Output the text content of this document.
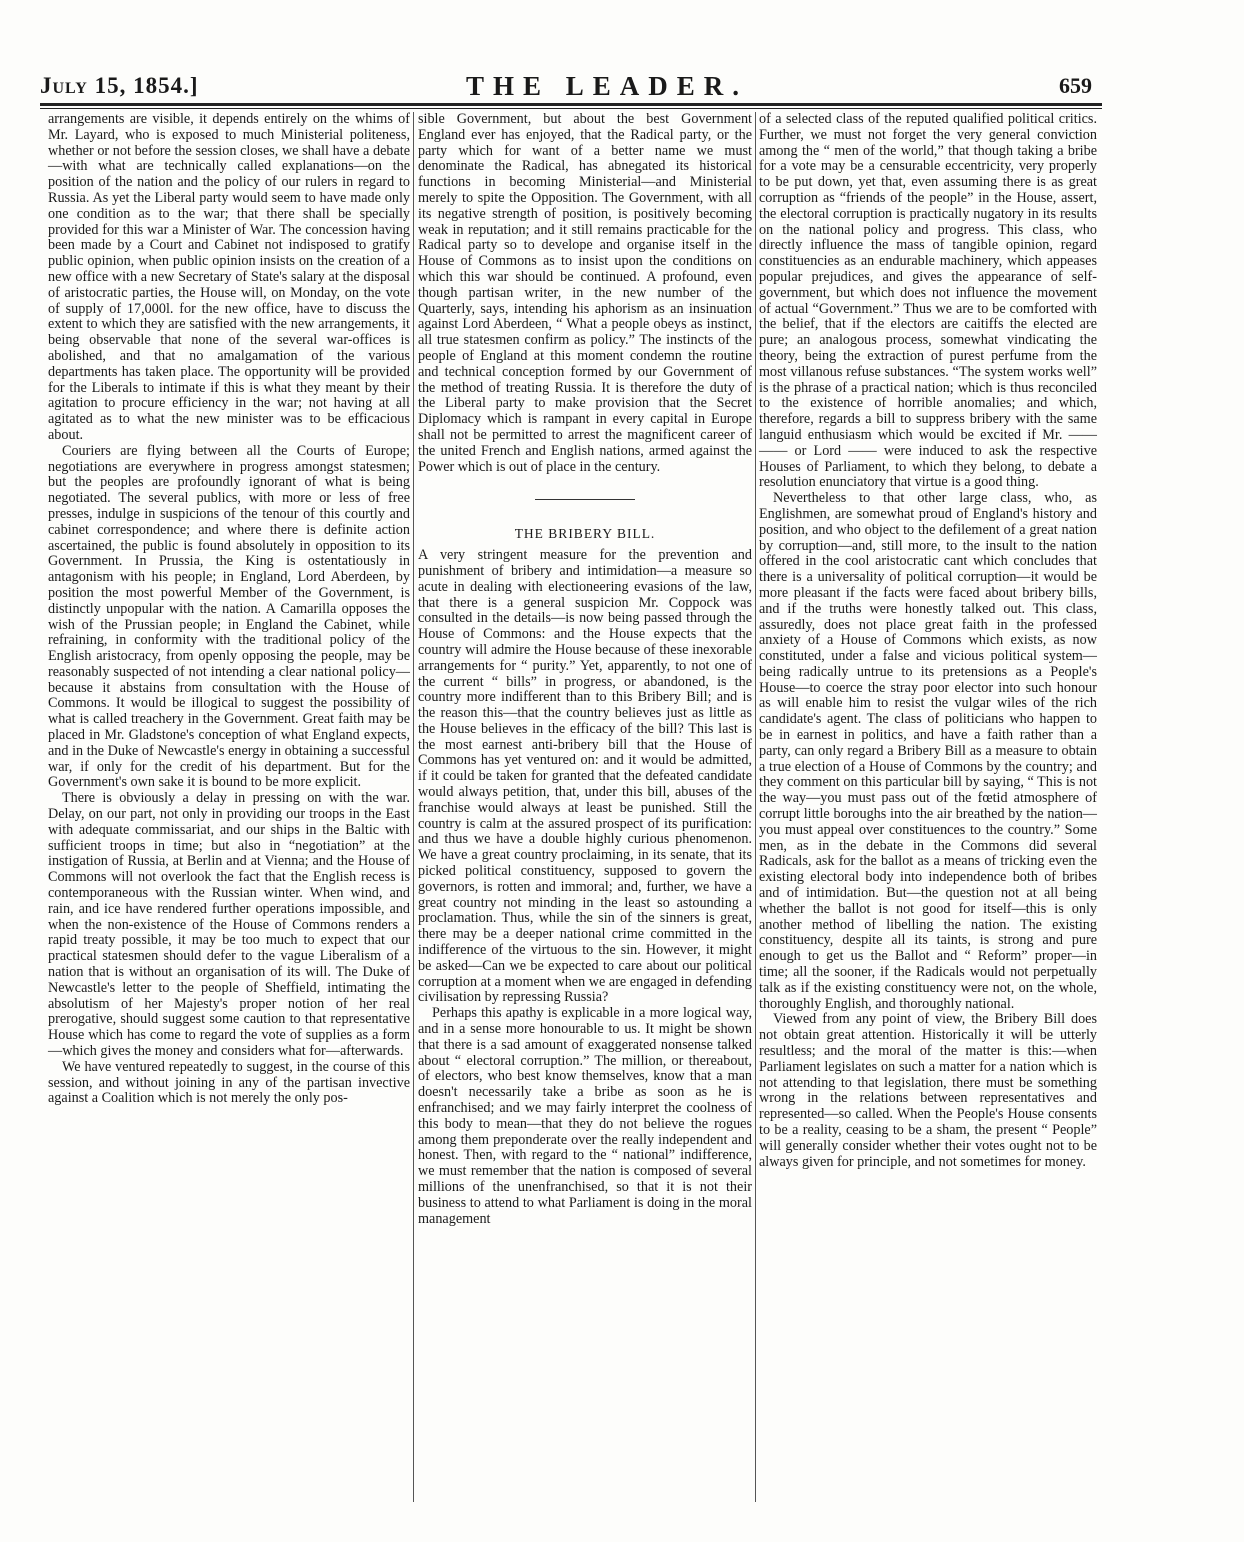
July 15, 1854.]	THE LEADER.	659

arrangements are visible, it depends entirely on the whims of Mr. Layard, who is exposed to much Ministerial politeness, whether or not before the session closes, we shall have a debate—with what are technically called explanations—on the position of the nation and the policy of our rulers in regard to Russia. As yet the Liberal party would seem to have made only one condition as to the war; that there shall be specially provided for this war a Minister of War. The concession having been made by a Court and Cabinet not indisposed to gratify public opinion, when public opinion insists on the creation of a new office with a new Secretary of State's salary at the disposal of aristocratic parties, the House will, on Monday, on the vote of supply of 17,000l. for the new office, have to discuss the extent to which they are satisfied with the new arrangements, it being observable that none of the several war-offices is abolished, and that no amalgamation of the various departments has taken place. The opportunity will be provided for the Liberals to intimate if this is what they meant by their agitation to procure efficiency in the war; not having at all agitated as to what the new minister was to be efficacious about.

Couriers are flying between all the Courts of Europe; negotiations are everywhere in progress amongst statesmen; but the peoples are profoundly ignorant of what is being negotiated. The several publics, with more or less of free presses, indulge in suspicions of the tenour of this courtly and cabinet correspondence; and where there is definite action ascertained, the public is found absolutely in opposition to its Government. In Prussia, the King is ostentatiously in antagonism with his people; in England, Lord Aberdeen, by position the most powerful Member of the Government, is distinctly unpopular with the nation. A Camarilla opposes the wish of the Prussian people; in England the Cabinet, while refraining, in conformity with the traditional policy of the English aristocracy, from openly opposing the people, may be reasonably suspected of not intending a clear national policy—because it abstains from consultation with the House of Commons. It would be illogical to suggest the possibility of what is called treachery in the Government. Great faith may be placed in Mr. Gladstone's conception of what England expects, and in the Duke of Newcastle's energy in obtaining a successful war, if only for the credit of his department. But for the Government's own sake it is bound to be more explicit.

There is obviously a delay in pressing on with the war. Delay, on our part, not only in providing our troops in the East with adequate commissariat, and our ships in the Baltic with sufficient troops in time; but also in “negotiation” at the instigation of Russia, at Berlin and at Vienna; and the House of Commons will not overlook the fact that the English recess is contemporaneous with the Russian winter. When wind, and rain, and ice have rendered further operations impossible, and when the non-existence of the House of Commons renders a rapid treaty possible, it may be too much to expect that our practical statesmen should defer to the vague Liberalism of a nation that is without an organisation of its will. The Duke of Newcastle's letter to the people of Sheffield, intimating the absolutism of her Majesty's proper notion of her real prerogative, should suggest some caution to that representative House which has come to regard the vote of supplies as a form—which gives the money and considers what for—afterwards.

We have ventured repeatedly to suggest, in the course of this session, and without joining in any of the partisan invective against a Coalition which is not merely the only pos-

sible Government, but about the best Government England ever has enjoyed, that the Radical party, or the party which for want of a better name we must denominate the Radical, has abnegated its historical functions in becoming Ministerial—and Ministerial merely to spite the Opposition. The Government, with all its negative strength of position, is positively becoming weak in reputation; and it still remains practicable for the Radical party so to develope and organise itself in the House of Commons as to insist upon the conditions on which this war should be continued. A profound, even though partisan writer, in the new number of the Quarterly, says, intending his aphorism as an insinuation against Lord Aberdeen, “ What a people obeys as instinct, all true statesmen confirm as policy.” The instincts of the people of England at this moment condemn the routine and technical conception formed by our Government of the method of treating Russia. It is therefore the duty of the Liberal party to make provision that the Secret Diplomacy which is rampant in every capital in Europe shall not be permitted to arrest the magnificent career of the united French and English nations, armed against the Power which is out of place in the century.

THE BRIBERY BILL.

A very stringent measure for the prevention and punishment of bribery and intimidation—a measure so acute in dealing with electioneering evasions of the law, that there is a general suspicion Mr. Coppock was consulted in the details—is now being passed through the House of Commons: and the House expects that the country will admire the House because of these inexorable arrangements for “ purity.” Yet, apparently, to not one of the current “ bills” in progress, or abandoned, is the country more indifferent than to this Bribery Bill; and is the reason this—that the country believes just as little as the House believes in the efficacy of the bill? This last is the most earnest anti-bribery bill that the House of Commons has yet ventured on: and it would be admitted, if it could be taken for granted that the defeated candidate would always petition, that, under this bill, abuses of the franchise would always at least be punished. Still the country is calm at the assured prospect of its purification: and thus we have a double highly curious phenomenon. We have a great country proclaiming, in its senate, that its picked political constituency, supposed to govern the governors, is rotten and immoral; and, further, we have a great country not minding in the least so astounding a proclamation. Thus, while the sin of the sinners is great, there may be a deeper national crime committed in the indifference of the virtuous to the sin. However, it might be asked—Can we be expected to care about our political corruption at a moment when we are engaged in defending civilisation by repressing Russia?

Perhaps this apathy is explicable in a more logical way, and in a sense more honourable to us. It might be shown that there is a sad amount of exaggerated nonsense talked about “ electoral corruption.” The million, or thereabout, of electors, who best know themselves, know that a man doesn't necessarily take a bribe as soon as he is enfranchised; and we may fairly interpret the coolness of this body to mean—that they do not believe the rogues among them preponderate over the really independent and honest. Then, with regard to the “ national” indifference, we must remember that the nation is composed of several millions of the unenfranchised, so that it is not their business to attend to what Parliament is doing in the moral management

of a selected class of the reputed qualified political critics. Further, we must not forget the very general conviction among the “ men of the world,” that though taking a bribe for a vote may be a censurable eccentricity, very properly to be put down, yet that, even assuming there is as great corruption as “friends of the people” in the House, assert, the electoral corruption is practically nugatory in its results on the national policy and progress. This class, who directly influence the mass of tangible opinion, regard constituencies as an endurable machinery, which appeases popular prejudices, and gives the appearance of self-government, but which does not influence the movement of actual “Government.” Thus we are to be comforted with the belief, that if the electors are caitiffs the elected are pure; an analogous process, somewhat vindicating the theory, being the extraction of purest perfume from the most villanous refuse substances. “The system works well” is the phrase of a practical nation; which is thus reconciled to the existence of horrible anomalies; and which, therefore, regards a bill to suppress bribery with the same languid enthusiasm which would be excited if Mr. —— —— or Lord —— were induced to ask the respective Houses of Parliament, to which they belong, to debate a resolution enunciatory that virtue is a good thing.

Nevertheless to that other large class, who, as Englishmen, are somewhat proud of England's history and position, and who object to the defilement of a great nation by corruption—and, still more, to the insult to the nation offered in the cool aristocratic cant which concludes that there is a universality of political corruption—it would be more pleasant if the facts were faced about bribery bills, and if the truths were honestly talked out. This class, assuredly, does not place great faith in the professed anxiety of a House of Commons which exists, as now constituted, under a false and vicious political system—being radically untrue to its pretensions as a People's House—to coerce the stray poor elector into such honour as will enable him to resist the vulgar wiles of the rich candidate's agent. The class of politicians who happen to be in earnest in politics, and have a faith rather than a party, can only regard a Bribery Bill as a measure to obtain a true election of a House of Commons by the country; and they comment on this particular bill by saying, “ This is not the way—you must pass out of the fœtid atmosphere of corrupt little boroughs into the air breathed by the nation—you must appeal over constituences to the country.” Some men, as in the debate in the Commons did several Radicals, ask for the ballot as a means of tricking even the existing electoral body into independence both of bribes and of intimidation. But—the question not at all being whether the ballot is not good for itself—this is only another method of libelling the nation. The existing constituency, despite all its taints, is strong and pure enough to get us the Ballot and “ Reform” proper—in time; all the sooner, if the Radicals would not perpetually talk as if the existing constituency were not, on the whole, thoroughly English, and thoroughly national.

Viewed from any point of view, the Bribery Bill does not obtain great attention. Historically it will be utterly resultless; and the moral of the matter is this:—when Parliament legislates on such a matter for a nation which is not attending to that legislation, there must be something wrong in the relations between representatives and represented—so called. When the People's House consents to be a reality, ceasing to be a sham, the present “ People” will generally consider whether their votes ought not to be always given for principle, and not sometimes for money.
